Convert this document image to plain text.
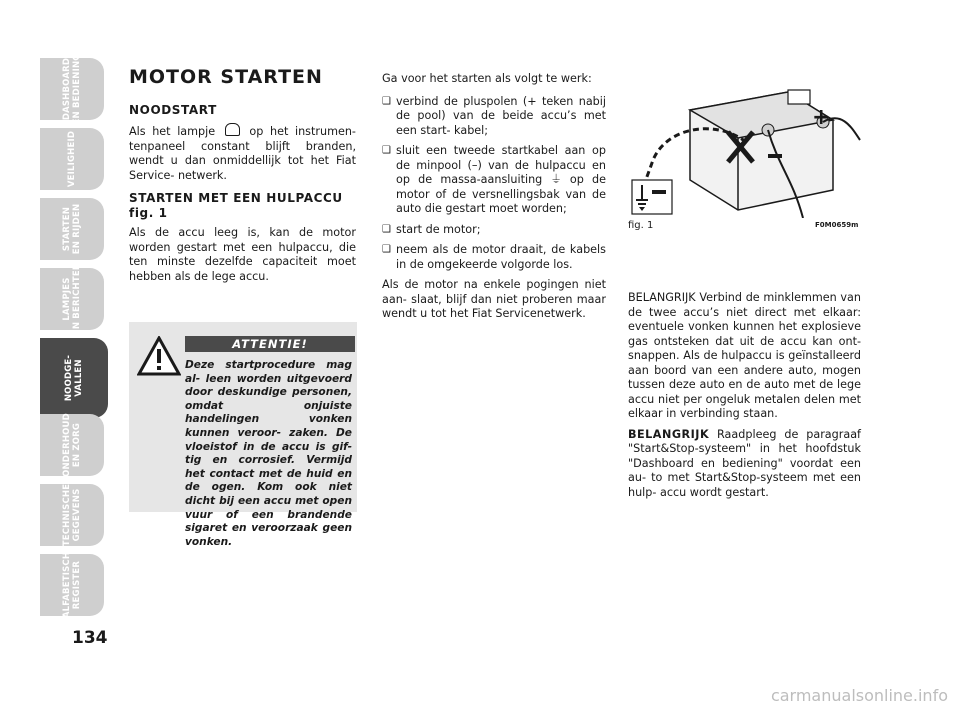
DASHBOARD
EN BEDIENING
VEILIGHEID
STARTEN
EN RIJDEN
LAMPJES
EN BERICHTEN
NOODGE-
VALLEN
ONDERHOUD
EN ZORG
TECHNISCHE
GEGEVENS
ALFABETISCH
REGISTER
134
MOTOR STARTEN
NOODSTART
Als het lampje	op het instrumen- tenpaneel constant blijft branden, wendt u dan onmiddellijk tot het Fiat Service- netwerk.
STARTEN MET EEN HULPACCU fig. 1
Als de accu leeg is, kan de motor worden gestart met een hulpaccu, die ten minste dezelfde capaciteit moet hebben als de lege accu.
ATTENTIE!
Deze startprocedure mag al- leen worden uitgevoerd door deskundige personen, omdat onjuiste handelingen vonken kunnen veroor- zaken. De vloeistof in de accu is gif- tig en corrosief. Vermijd het contact met de huid en de ogen. Kom ook niet dicht bij een accu met open vuur of een brandende sigaret en veroorzaak geen vonken.
Ga voor het starten als volgt te werk:
❑ verbind de pluspolen (+ teken nabij de pool) van de beide accu’s met een start- kabel;
❑ sluit een tweede startkabel aan op de minpool (–) van de hulpaccu en op de massa-aansluiting ⏚ op de motor of de versnellingsbak van de auto die gestart moet worden;
❑ start de motor;
❑ neem als de motor draait, de kabels in de omgekeerde volgorde los.
Als de motor na enkele pogingen niet aan- slaat, blijf dan niet proberen maar wendt u tot het Fiat Servicenetwerk.
+
fig. 1	F0M0659m
BELANGRIJK Verbind de minklemmen van de twee accu’s niet direct met elkaar: eventuele vonken kunnen het explosieve gas ontsteken dat uit de accu kan ont- snappen. Als de hulpaccu is geïnstalleerd aan boord van een andere auto, mogen tussen deze auto en de auto met de lege accu niet per ongeluk metalen delen met elkaar in verbinding staan.
BELANGRIJK Raadpleeg de paragraaf "Start&Stop-systeem" in het hoofdstuk "Dashboard en bediening" voordat een au- to met Start&Stop-systeem met een hulp- accu wordt gestart.
carmanualsonline.info
